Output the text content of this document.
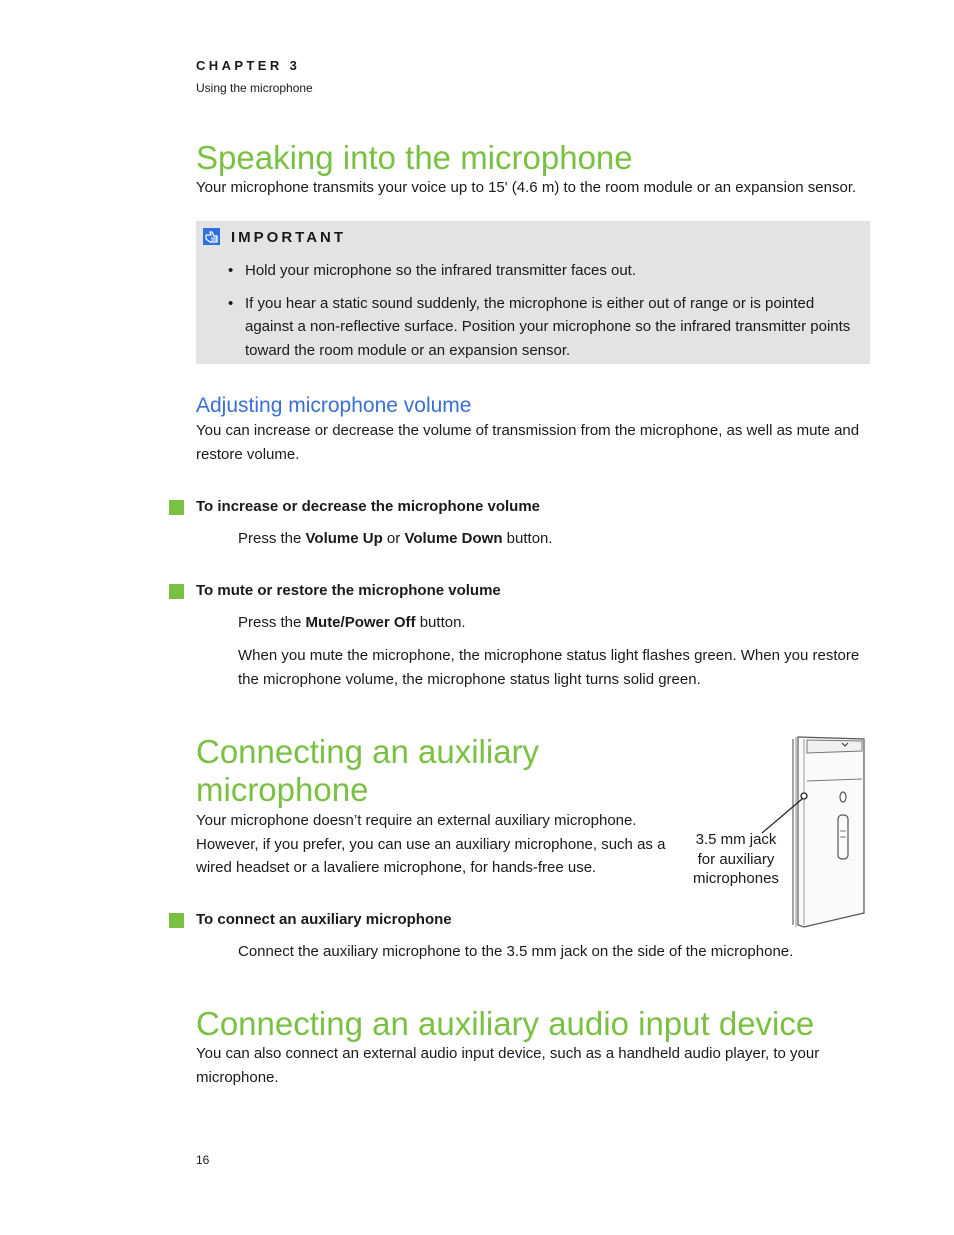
CHAPTER 3
Using the microphone
Speaking into the microphone

Your microphone transmits your voice up to 15' (4.6 m) to the room module or an expansion sensor.

IMPORTANT
• Hold your microphone so the infrared transmitter faces out.
• If you hear a static sound suddenly, the microphone is either out of range or is pointed against a non-reflective surface. Position your microphone so the infrared transmitter points toward the room module or an expansion sensor.
Adjusting microphone volume

You can increase or decrease the volume of transmission from the microphone, as well as mute and restore volume.

To increase or decrease the microphone volume

Press the Volume Up or Volume Down button.

To mute or restore the microphone volume

Press the Mute/Power Off button.

When you mute the microphone, the microphone status light flashes green. When you restore the microphone volume, the microphone status light turns solid green.

Connecting an auxiliary
microphone

Your microphone doesn’t require an external auxiliary microphone. However, if you prefer, you can use an auxiliary microphone, such as a wired headset or a lavaliere microphone, for hands-free use.

3.5 mm jack
for auxiliary
microphones
To connect an auxiliary microphone

Connect the auxiliary microphone to the 3.5 mm jack on the side of the microphone.

Connecting an auxiliary audio input device

You can also connect an external audio input device, such as a handheld audio player, to your microphone.

16
